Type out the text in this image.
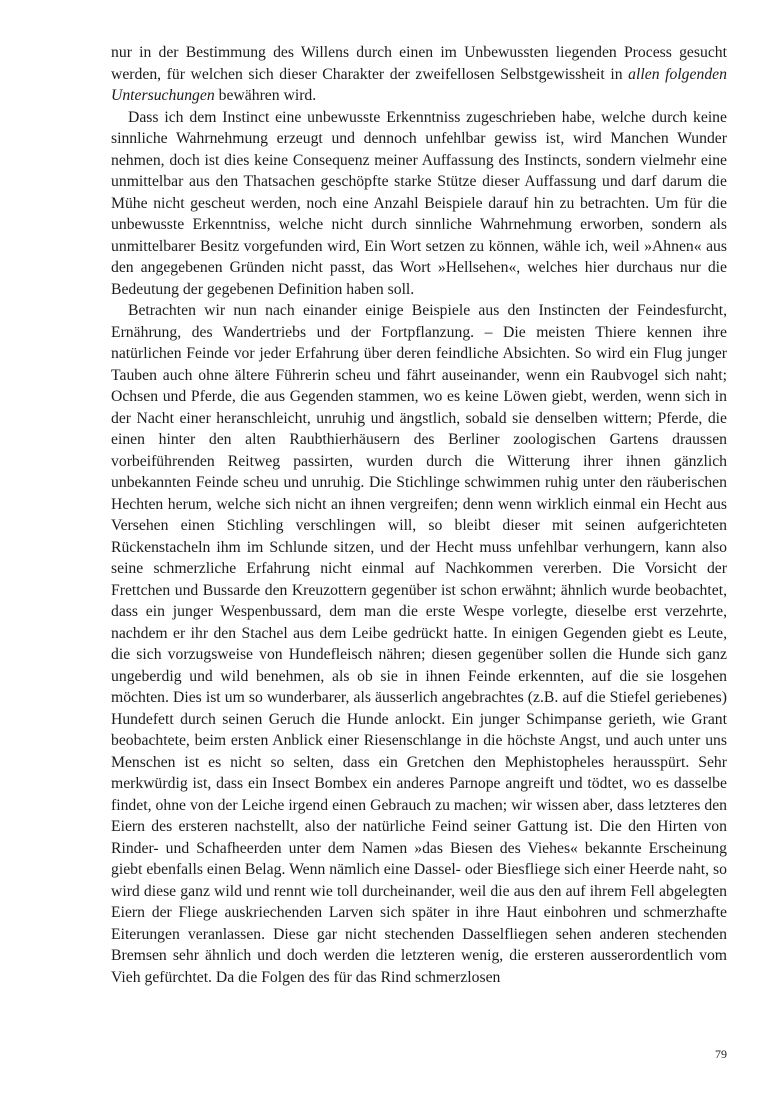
nur in der Bestimmung des Willens durch einen im Unbewussten liegenden Process gesucht werden, für welchen sich dieser Charakter der zweifellosen Selbstgewissheit in allen folgenden Untersuchungen bewähren wird.

Dass ich dem Instinct eine unbewusste Erkenntniss zugeschrieben habe, welche durch keine sinnliche Wahrnehmung erzeugt und dennoch unfehlbar gewiss ist, wird Manchen Wunder nehmen, doch ist dies keine Consequenz meiner Auffassung des Instincts, sondern vielmehr eine unmittelbar aus den Thatsachen geschöpfte starke Stütze dieser Auffassung und darf darum die Mühe nicht gescheut werden, noch eine Anzahl Beispiele darauf hin zu betrachten. Um für die unbewusste Erkenntniss, welche nicht durch sinnliche Wahrnehmung erworben, sondern als unmittelbarer Besitz vorgefunden wird, Ein Wort setzen zu können, wähle ich, weil »Ahnen« aus den angegebenen Gründen nicht passt, das Wort »Hellsehen«, welches hier durchaus nur die Bedeutung der gegebenen Definition haben soll.

Betrachten wir nun nach einander einige Beispiele aus den Instincten der Feindesfurcht, Ernährung, des Wandertriebs und der Fortpflanzung. – Die meisten Thiere kennen ihre natürlichen Feinde vor jeder Erfahrung über deren feindliche Absichten. So wird ein Flug junger Tauben auch ohne ältere Führerin scheu und fährt auseinander, wenn ein Raubvogel sich naht; Ochsen und Pferde, die aus Gegenden stammen, wo es keine Löwen giebt, werden, wenn sich in der Nacht einer heranschleicht, unruhig und ängstlich, sobald sie denselben wittern; Pferde, die einen hinter den alten Raubthierhäusern des Berliner zoologischen Gartens draussen vorbeiführenden Reitweg passirten, wurden durch die Witterung ihrer ihnen gänzlich unbekannten Feinde scheu und unruhig. Die Stichlinge schwimmen ruhig unter den räuberischen Hechten herum, welche sich nicht an ihnen vergreifen; denn wenn wirklich einmal ein Hecht aus Versehen einen Stichling verschlingen will, so bleibt dieser mit seinen aufgerichteten Rückenstacheln ihm im Schlunde sitzen, und der Hecht muss unfehlbar verhungern, kann also seine schmerzliche Erfahrung nicht einmal auf Nachkommen vererben. Die Vorsicht der Frettchen und Bussarde den Kreuzottern gegenüber ist schon erwähnt; ähnlich wurde beobachtet, dass ein junger Wespenbussard, dem man die erste Wespe vorlegte, dieselbe erst verzehrte, nachdem er ihr den Stachel aus dem Leibe gedrückt hatte. In einigen Gegenden giebt es Leute, die sich vorzugsweise von Hundefleisch nähren; diesen gegenüber sollen die Hunde sich ganz ungeberdig und wild benehmen, als ob sie in ihnen Feinde erkennten, auf die sie losgehen möchten. Dies ist um so wunderbarer, als äusserlich angebrachtes (z.B. auf die Stiefel geriebenes) Hundefett durch seinen Geruch die Hunde anlockt. Ein junger Schimpanse gerieth, wie Grant beobachtete, beim ersten Anblick einer Riesenschlange in die höchste Angst, und auch unter uns Menschen ist es nicht so selten, dass ein Gretchen den Mephistopheles herausspürt. Sehr merkwürdig ist, dass ein Insect Bombex ein anderes Parnope angreift und tödtet, wo es dasselbe findet, ohne von der Leiche irgend einen Gebrauch zu machen; wir wissen aber, dass letzteres den Eiern des ersteren nachstellt, also der natürliche Feind seiner Gattung ist. Die den Hirten von Rinder- und Schafheerden unter dem Namen »das Biesen des Viehes« bekannte Erscheinung giebt ebenfalls einen Belag. Wenn nämlich eine Dassel- oder Biesfliege sich einer Heerde naht, so wird diese ganz wild und rennt wie toll durcheinander, weil die aus den auf ihrem Fell abgelegten Eiern der Fliege auskriechenden Larven sich später in ihre Haut einbohren und schmerzhafte Eiterungen veranlassen. Diese gar nicht stechenden Dasselfliegen sehen anderen stechenden Bremsen sehr ähnlich und doch werden die letzteren wenig, die ersteren ausserordentlich vom Vieh gefürchtet. Da die Folgen des für das Rind schmerzlosen

79
